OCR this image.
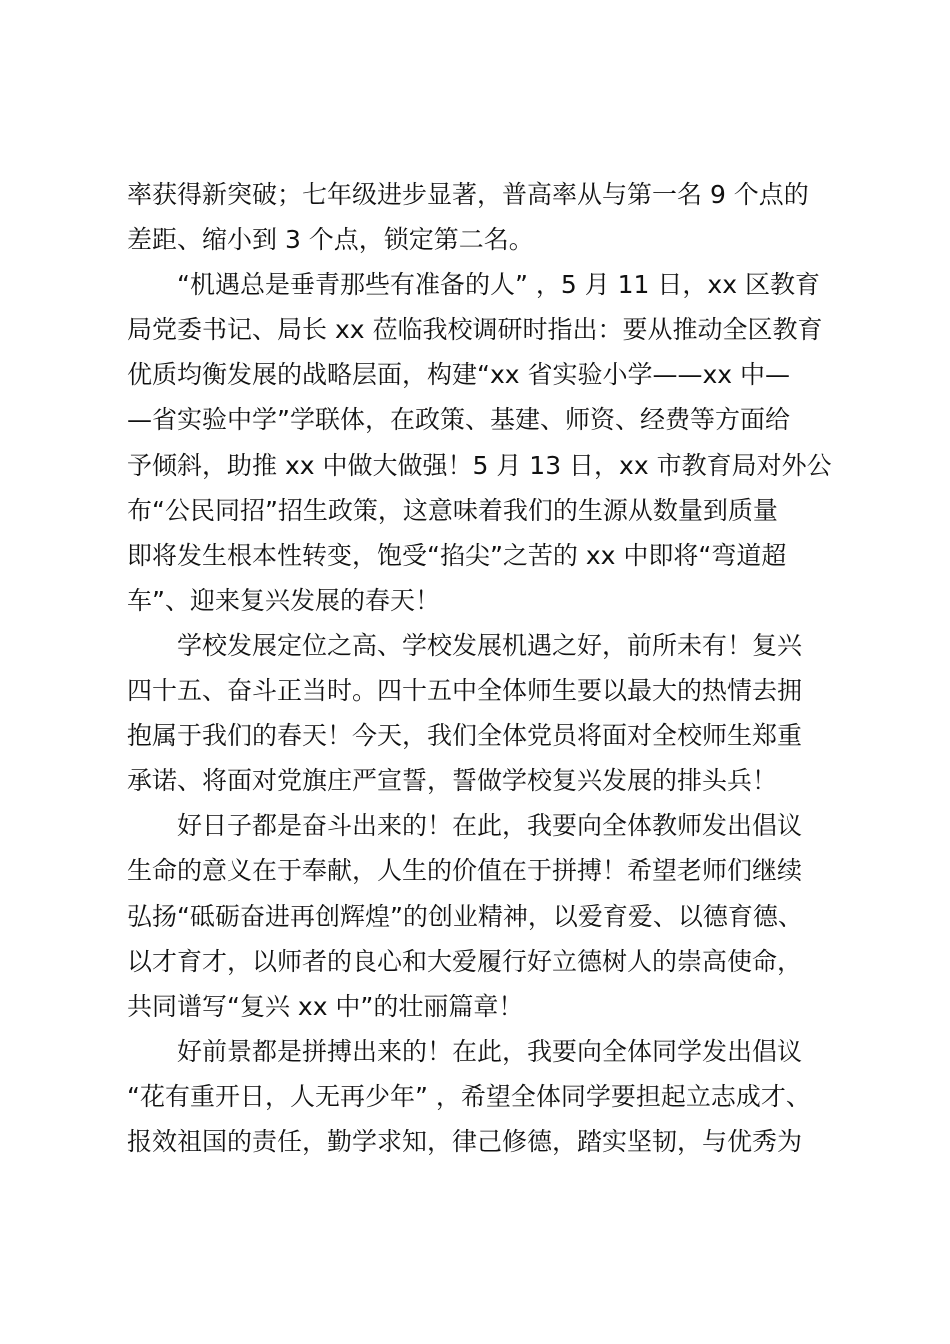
率获得新突破；七年级进步显著，普高率从与第一名 9 个点的
差距、缩小到 3 个点，锁定第二名。
“机遇总是垂青那些有准备的人” ，5 月 11 日，xx 区教育
局党委书记、局长 xx 莅临我校调研时指出：要从推动全区教育
优质均衡发展的战略层面，构建“xx 省实验小学——xx 中—
—省实验中学”学联体，在政策、基建、师资、经费等方面给
予倾斜，助推 xx 中做大做强！5 月 13 日，xx 市教育局对外公
布“公民同招”招生政策，这意味着我们的生源从数量到质量
即将发生根本性转变，饱受“掐尖”之苦的 xx 中即将“弯道超
车”、迎来复兴发展的春天！
学校发展定位之高、学校发展机遇之好，前所未有！复兴
四十五、奋斗正当时。四十五中全体师生要以最大的热情去拥
抱属于我们的春天！今天，我们全体党员将面对全校师生郑重
承诺、将面对党旗庄严宣誓，誓做学校复兴发展的排头兵！
好日子都是奋斗出来的！在此，我要向全体教师发出倡议
生命的意义在于奉献，人生的价值在于拼搏！希望老师们继续
弘扬“砥砺奋进再创辉煌”的创业精神，以爱育爱、以德育德、
以才育才，以师者的良心和大爱履行好立德树人的崇高使命，
共同谱写“复兴 xx 中”的壮丽篇章！
好前景都是拼搏出来的！在此，我要向全体同学发出倡议
“花有重开日，人无再少年” ，希望全体同学要担起立志成才、
报效祖国的责任，勤学求知，律己修德，踏实坚韧，与优秀为
